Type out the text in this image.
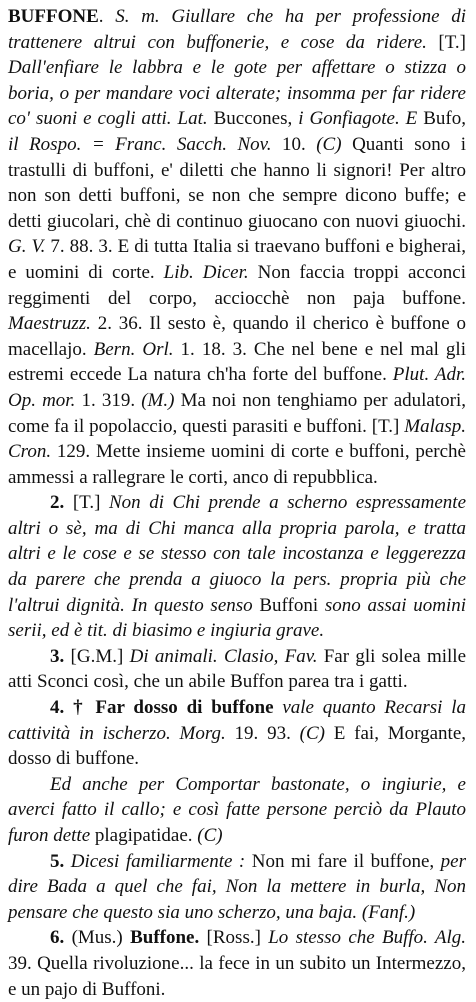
BUFFONE. S. m. Giullare che ha per professione di trattenere altrui con buffonerie, e cose da ridere. [T.] Dall'enfiare le labbra e le gote per affettare o stizza o boria, o per mandare voci alterate; insomma per far ridere co' suoni e cogli atti. Lat. Buccones, i Gonfiagote. E Bufo, il Rospo. = Franc. Sacch. Nov. 10. (C) Quanti sono i trastulli di buffoni, e' diletti che hanno li signori! Per altro non son detti buffoni, se non che sempre dicono buffe; e detti giucolari, chè di continuo giuocano con nuovi giuochi. G. V. 7. 88. 3. E di tutta Italia si traevano buffoni e bigherai, e uomini di corte. Lib. Dicer. Non faccia troppi acconci reggimenti del corpo, acciocchè non paja buffone. Maestruzz. 2. 36. Il sesto è, quando il cherico è buffone o macellajo. Bern. Orl. 1. 18. 3. Che nel bene e nel mal gli estremi eccede La natura ch'ha forte del buffone. Plut. Adr. Op. mor. 1. 319. (M.) Ma noi non tenghiamo per adulatori, come fa il popolaccio, questi parasiti e buffoni. [T.] Malasp. Cron. 129. Mette insieme uomini di corte e buffoni, perchè ammessi a rallegrare le corti, anco di repubblica.

2. [T.] Non di Chi prende a scherno espressamente altri o sè, ma di Chi manca alla propria parola, e tratta altri e le cose e se stesso con tale incostanza e leggerezza da parere che prenda a giuoco la pers. propria più che l'altrui dignità. In questo senso Buffoni sono assai uomini serii, ed è tit. di biasimo e ingiuria grave.

3. [G.M.] Di animali. Clasio, Fav. Far gli solea mille atti Sconci così, che un abile Buffon parea tra i gatti.

4. † Far dosso di buffone vale quanto Recarsi la cattività in ischerzo. Morg. 19. 93. (C) E fai, Morgante, dosso di buffone.

Ed anche per Comportar bastonate, o ingiurie, e averci fatto il callo; e così fatte persone perciò da Plauto furon dette plagipatidae. (C)

5. Dicesi familiarmente : Non mi fare il buffone, per dire Bada a quel che fai, Non la mettere in burla, Non pensare che questo sia uno scherzo, una baja. (Fanf.)

6. (Mus.) Buffone. [Ross.] Lo stesso che Buffo. Alg. 39. Quella rivoluzione... la fece in un subito un Intermezzo, e un pajo di Buffoni.
